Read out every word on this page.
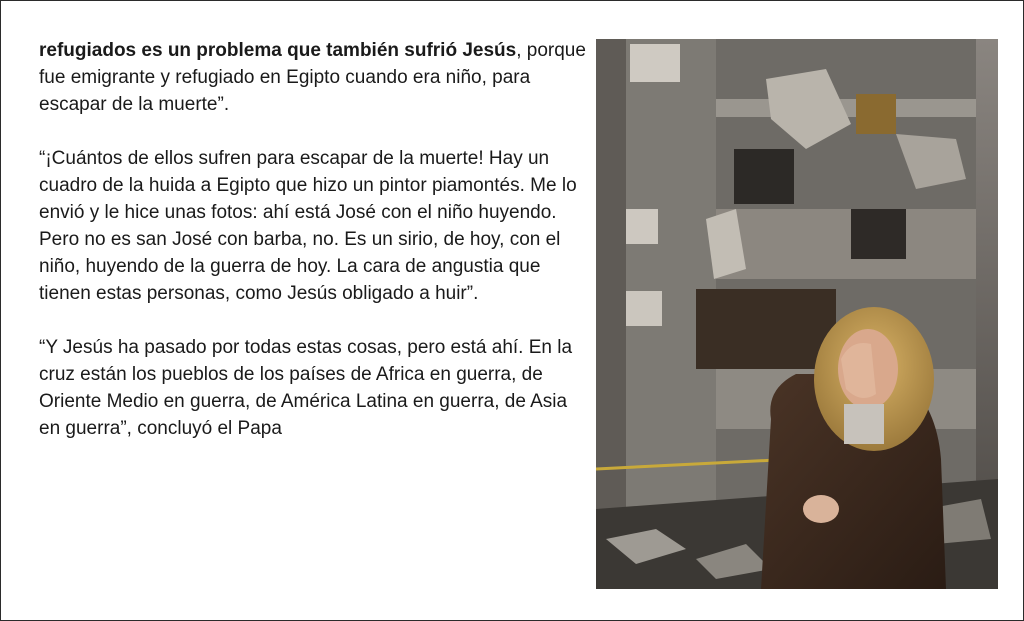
refugiados es un problema que también sufrió Jesús, porque fue emigrante y refugiado en Egipto cuando era niño, para escapar de la muerte”.

“¡Cuántos de ellos sufren para escapar de la muerte! Hay un cuadro de la huida a Egipto que hizo un pintor piamontés. Me lo envió y le hice unas fotos: ahí está José con el niño huyendo. Pero no es san José con barba, no. Es un sirio, de hoy, con el niño, huyendo de la guerra de hoy. La cara de angustia que tienen estas personas, como Jesús obligado a huir”.

“Y Jesús ha pasado por todas estas cosas, pero está ahí. En la cruz están los pueblos de los países de Africa en guerra, de Oriente Medio en guerra, de América Latina en guerra, de Asia en guerra”, concluyó el Papa
